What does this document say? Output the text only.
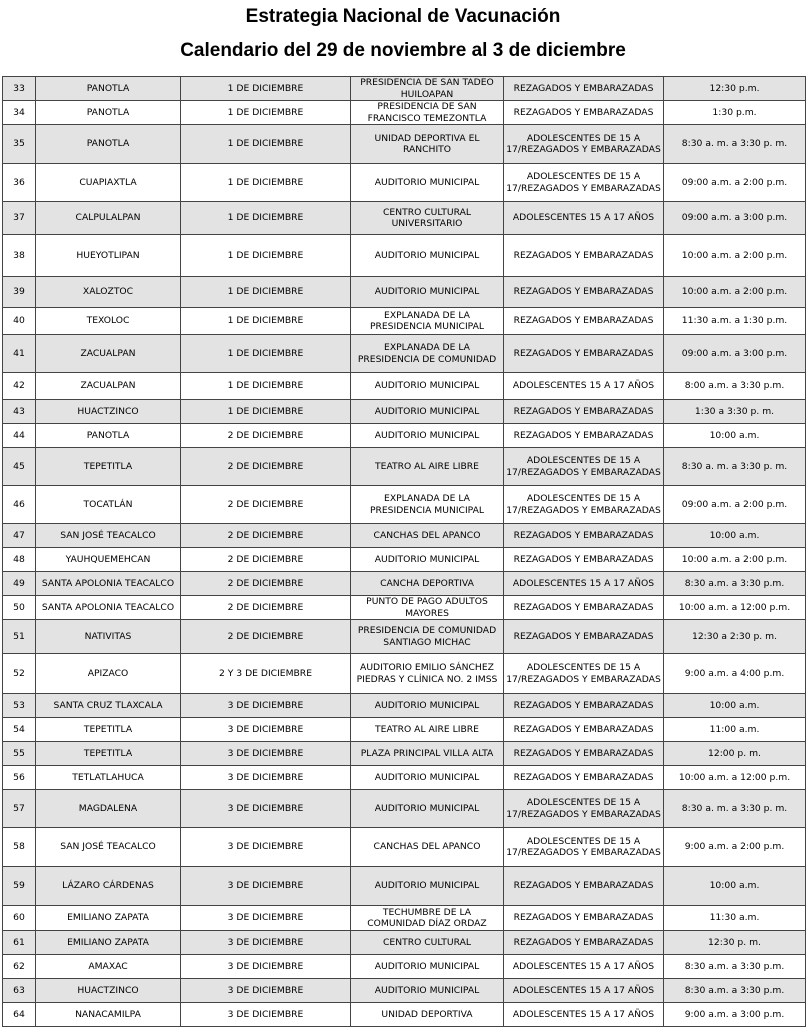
Estrategia Nacional de Vacunación
Calendario del 29 de noviembre al 3 de diciembre
33	PANOTLA	1 DE DICIEMBRE	PRESIDENCIA DE SAN TADEO HUILOAPAN	REZAGADOS Y EMBARAZADAS	12:30 p.m.
34	PANOTLA	1 DE DICIEMBRE	PRESIDENCIA DE SAN FRANCISCO TEMEZONTLA	REZAGADOS Y EMBARAZADAS	1:30 p.m.
35	PANOTLA	1 DE DICIEMBRE	UNIDAD DEPORTIVA EL RANCHITO	ADOLESCENTES DE 15 A 17/REZAGADOS Y EMBARAZADAS	8:30 a. m. a 3:30 p. m.
36	CUAPIAXTLA	1 DE DICIEMBRE	AUDITORIO MUNICIPAL	ADOLESCENTES DE 15 A 17/REZAGADOS Y EMBARAZADAS	09:00 a.m. a 2:00 p.m.
37	CALPULALPAN	1 DE DICIEMBRE	CENTRO CULTURAL UNIVERSITARIO	ADOLESCENTES 15 A 17 AÑOS	09:00 a.m. a 3:00 p.m.
38	HUEYOTLIPAN	1 DE DICIEMBRE	AUDITORIO MUNICIPAL	REZAGADOS Y EMBARAZADAS	10:00 a.m. a 2:00 p.m.
39	XALOZTOC	1 DE DICIEMBRE	AUDITORIO MUNICIPAL	REZAGADOS Y EMBARAZADAS	10:00 a.m. a 2:00 p.m.
40	TEXOLOC	1 DE DICIEMBRE	EXPLANADA DE LA PRESIDENCIA MUNICIPAL	REZAGADOS Y EMBARAZADAS	11:30 a.m. a 1:30 p.m.
41	ZACUALPAN	1 DE DICIEMBRE	EXPLANADA DE LA PRESIDENCIA DE COMUNIDAD	REZAGADOS Y EMBARAZADAS	09:00 a.m. a 3:00 p.m.
42	ZACUALPAN	1 DE DICIEMBRE	AUDITORIO MUNICIPAL	ADOLESCENTES 15 A 17 AÑOS	8:00 a.m. a 3:30 p.m.
43	HUACTZINCO	1 DE DICIEMBRE	AUDITORIO MUNICIPAL	REZAGADOS Y EMBARAZADAS	1:30 a 3:30 p. m.
44	PANOTLA	2 DE DICIEMBRE	AUDITORIO MUNICIPAL	REZAGADOS Y EMBARAZADAS	10:00 a.m.
45	TEPETITLA	2 DE DICIEMBRE	TEATRO AL AIRE LIBRE	ADOLESCENTES DE 15 A 17/REZAGADOS Y EMBARAZADAS	8:30 a. m. a 3:30 p. m.
46	TOCATLÁN	2 DE DICIEMBRE	EXPLANADA DE LA PRESIDENCIA MUNICIPAL	ADOLESCENTES DE 15 A 17/REZAGADOS Y EMBARAZADAS	09:00 a.m. a 2:00 p.m.
47	SAN JOSÉ TEACALCO	2 DE DICIEMBRE	CANCHAS DEL APANCO	REZAGADOS Y EMBARAZADAS	10:00 a.m.
48	YAUHQUEMEHCAN	2 DE DICIEMBRE	AUDITORIO MUNICIPAL	REZAGADOS Y EMBARAZADAS	10:00 a.m. a 2:00 p.m.
49	SANTA APOLONIA TEACALCO	2 DE DICIEMBRE	CANCHA DEPORTIVA	ADOLESCENTES 15 A 17 AÑOS	8:30 a.m. a 3:30 p.m.
50	SANTA APOLONIA TEACALCO	2 DE DICIEMBRE	PUNTO DE PAGO ADULTOS MAYORES	REZAGADOS Y EMBARAZADAS	10:00 a.m. a 12:00 p.m.
51	NATIVITAS	2 DE DICIEMBRE	PRESIDENCIA DE COMUNIDAD SANTIAGO MICHAC	REZAGADOS Y EMBARAZADAS	12:30 a 2:30 p. m.
52	APIZACO	2 Y 3 DE DICIEMBRE	AUDITORIO EMILIO SÁNCHEZ PIEDRAS Y CLÍNICA NO. 2 IMSS	ADOLESCENTES DE 15 A 17/REZAGADOS Y EMBARAZADAS	9:00 a.m. a 4:00 p.m.
53	SANTA CRUZ TLAXCALA	3 DE DICIEMBRE	AUDITORIO MUNICIPAL	REZAGADOS Y EMBARAZADAS	10:00 a.m.
54	TEPETITLA	3 DE DICIEMBRE	TEATRO AL AIRE LIBRE	REZAGADOS Y EMBARAZADAS	11:00 a.m.
55	TEPETITLA	3 DE DICIEMBRE	PLAZA PRINCIPAL VILLA ALTA	REZAGADOS Y EMBARAZADAS	12:00 p. m.
56	TETLATLAHUCA	3 DE DICIEMBRE	AUDITORIO MUNICIPAL	REZAGADOS Y EMBARAZADAS	10:00 a.m. a 12:00 p.m.
57	MAGDALENA	3 DE DICIEMBRE	AUDITORIO MUNICIPAL	ADOLESCENTES DE 15 A 17/REZAGADOS Y EMBARAZADAS	8:30 a. m. a 3:30 p. m.
58	SAN JOSÉ TEACALCO	3 DE DICIEMBRE	CANCHAS DEL APANCO	ADOLESCENTES DE 15 A 17/REZAGADOS Y EMBARAZADAS	9:00 a.m. a 2:00 p.m.
59	LÁZARO CÁRDENAS	3 DE DICIEMBRE	AUDITORIO MUNICIPAL	REZAGADOS Y EMBARAZADAS	10:00 a.m.
60	EMILIANO ZAPATA	3 DE DICIEMBRE	TECHUMBRE DE LA COMUNIDAD DÍAZ ORDAZ	REZAGADOS Y EMBARAZADAS	11:30 a.m.
61	EMILIANO ZAPATA	3 DE DICIEMBRE	CENTRO CULTURAL	REZAGADOS Y EMBARAZADAS	12:30 p. m.
62	AMAXAC	3 DE DICIEMBRE	AUDITORIO MUNICIPAL	ADOLESCENTES 15 A 17 AÑOS	8:30 a.m. a 3:30 p.m.
63	HUACTZINCO	3 DE DICIEMBRE	AUDITORIO MUNICIPAL	ADOLESCENTES 15 A 17 AÑOS	8:30 a.m. a 3:30 p.m.
64	NANACAMILPA	3 DE DICIEMBRE	UNIDAD DEPORTIVA	ADOLESCENTES 15 A 17 AÑOS	9:00 a.m. a 3:00 p.m.
